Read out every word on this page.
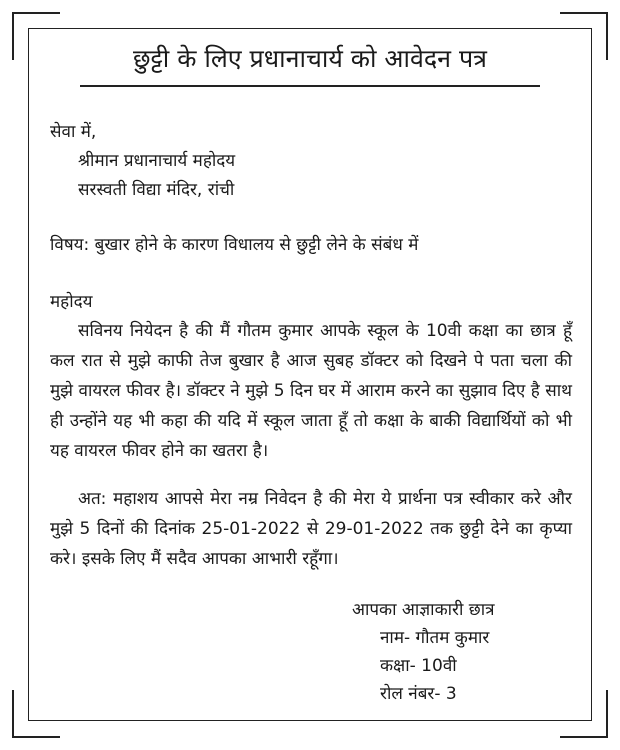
छुट्टी के लिए प्रधानाचार्य को आवेदन पत्र
सेवा में,
श्रीमान प्रधानाचार्य महोदय
सरस्वती विद्या मंदिर, रांची
विषय: बुखार होने के कारण विधालय से छुट्टी लेने के संबंध में
महोदय
सविनय नियेदन है की मैं गौतम कुमार आपके स्कूल के 10वी कक्षा का छात्र हूँ कल रात से मुझे काफी तेज बुखार है आज सुबह डॉक्टर को दिखने पे पता चला की मुझे वायरल फीवर है। डॉक्टर ने मुझे 5 दिन घर में आराम करने का सुझाव दिए है साथ ही उन्होंने यह भी कहा की यदि में स्कूल जाता हूँ तो कक्षा के बाकी विद्यार्थियों को भी यह वायरल फीवर होने का खतरा है।
अत: महाशय आपसे मेरा नम्र निवेदन है की मेरा ये प्रार्थना पत्र स्वीकार करे और मुझे 5 दिनों की दिनांक 25-01-2022 से 29-01-2022 तक छुट्टी देने का कृप्या करे। इसके लिए मैं सदैव आपका आभारी रहूँगा।
आपका आज्ञाकारी छात्र
नाम- गौतम कुमार
कक्षा- 10वी
रोल नंबर- 3
